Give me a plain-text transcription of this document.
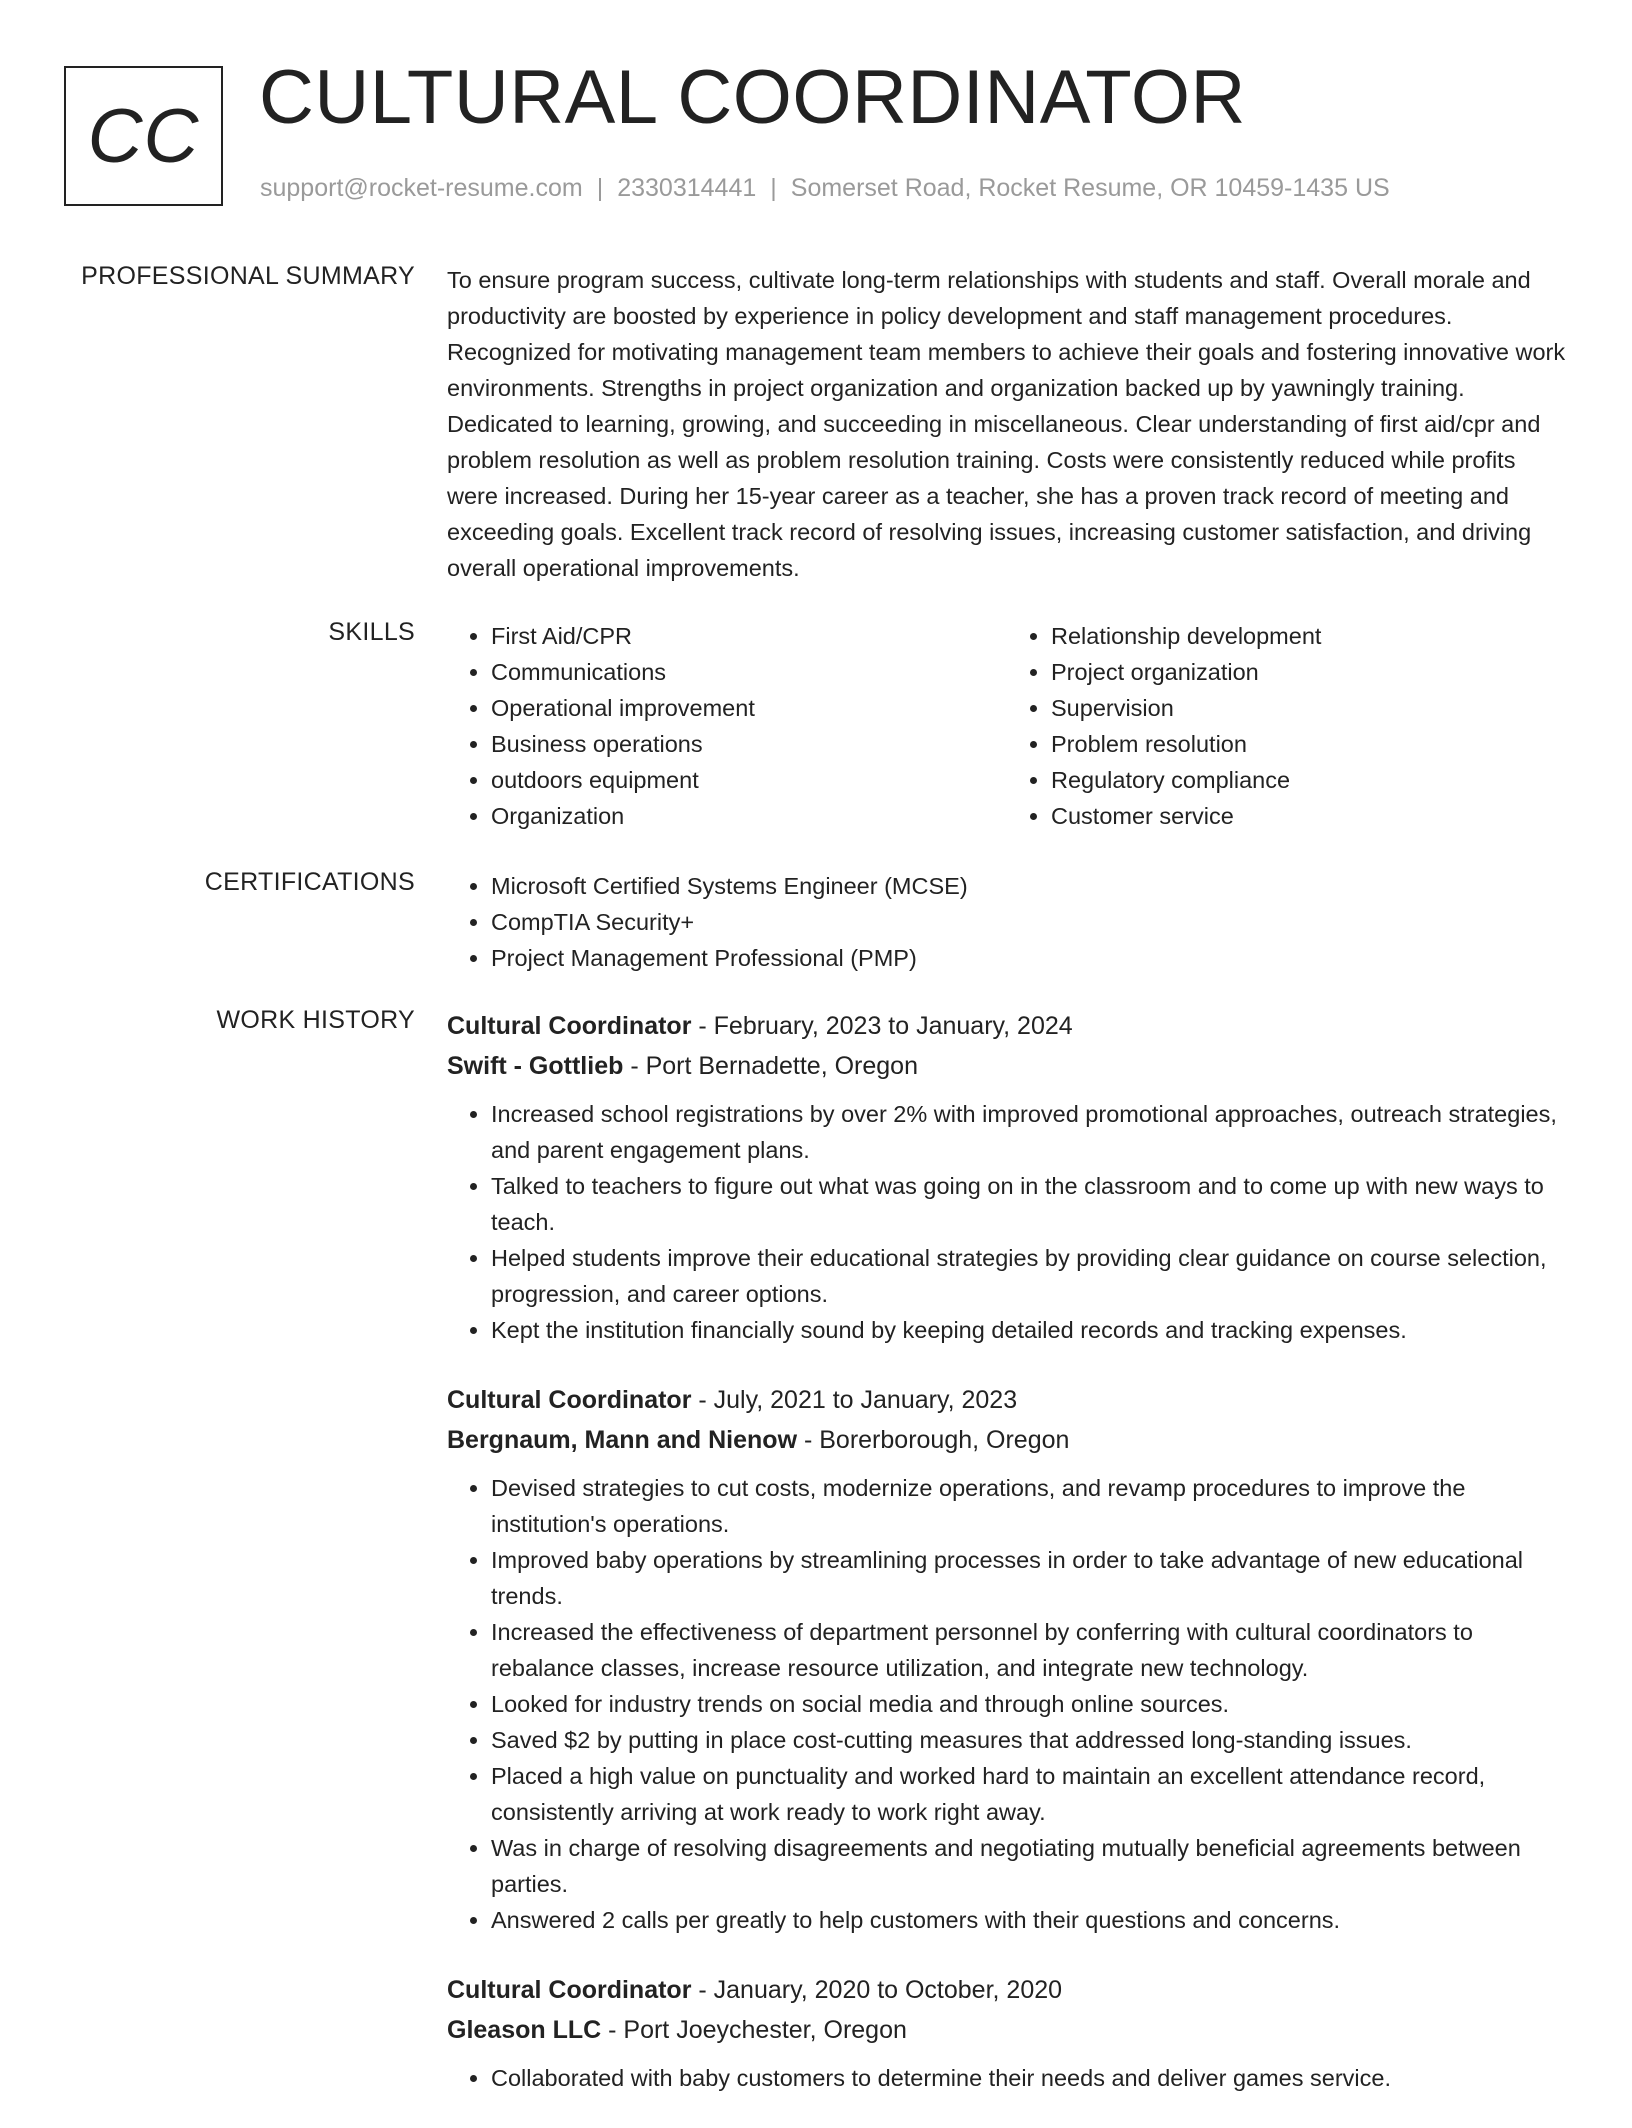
CC CULTURAL COORDINATOR
support@rocket-resume.com | 2330314441 | Somerset Road, Rocket Resume, OR 10459-1435 US
PROFESSIONAL SUMMARY To ensure program success, cultivate long-term relationships with students and staff. Overall morale and productivity are boosted by experience in policy development and staff management procedures. Recognized for motivating management team members to achieve their goals and fostering innovative work environments. Strengths in project organization and organization backed up by yawningly training. Dedicated to learning, growing, and succeeding in miscellaneous. Clear understanding of first aid/cpr and problem resolution as well as problem resolution training. Costs were consistently reduced while profits were increased. During her 15-year career as a teacher, she has a proven track record of meeting and exceeding goals. Excellent track record of resolving issues, increasing customer satisfaction, and driving overall operational improvements.

SKILLS	• First Aid/CPR
• Communications
• Operational improvement
• Business operations
• outdoors equipment
• Organization
• Relationship development
• Project organization
• Supervision
• Problem resolution
• Regulatory compliance
• Customer service
CERTIFICATIONS	• Microsoft Certified Systems Engineer (MCSE)
• CompTIA Security+
• Project Management Professional (PMP)
WORK HISTORY Cultural Coordinator - February, 2023 to January, 2024
Swift - Gottlieb - Port Bernadette, Oregon
• Increased school registrations by over 2% with improved promotional approaches, outreach strategies, and parent engagement plans.
• Talked to teachers to figure out what was going on in the classroom and to come up with new ways to teach.
• Helped students improve their educational strategies by providing clear guidance on course selection, progression, and career options.
• Kept the institution financially sound by keeping detailed records and tracking expenses.
Cultural Coordinator - July, 2021 to January, 2023
Bergnaum, Mann and Nienow - Borerborough, Oregon
• Devised strategies to cut costs, modernize operations, and revamp procedures to improve the institution's operations.
• Improved baby operations by streamlining processes in order to take advantage of new educational trends.
• Increased the effectiveness of department personnel by conferring with cultural coordinators to rebalance classes, increase resource utilization, and integrate new technology.
• Looked for industry trends on social media and through online sources.
• Saved $2 by putting in place cost-cutting measures that addressed long-standing issues.
• Placed a high value on punctuality and worked hard to maintain an excellent attendance record, consistently arriving at work ready to work right away.
• Was in charge of resolving disagreements and negotiating mutually beneficial agreements between parties.
• Answered 2 calls per greatly to help customers with their questions and concerns.
Cultural Coordinator - January, 2020 to October, 2020
Gleason LLC - Port Joeychester, Oregon
• Collaborated with baby customers to determine their needs and deliver games service.
